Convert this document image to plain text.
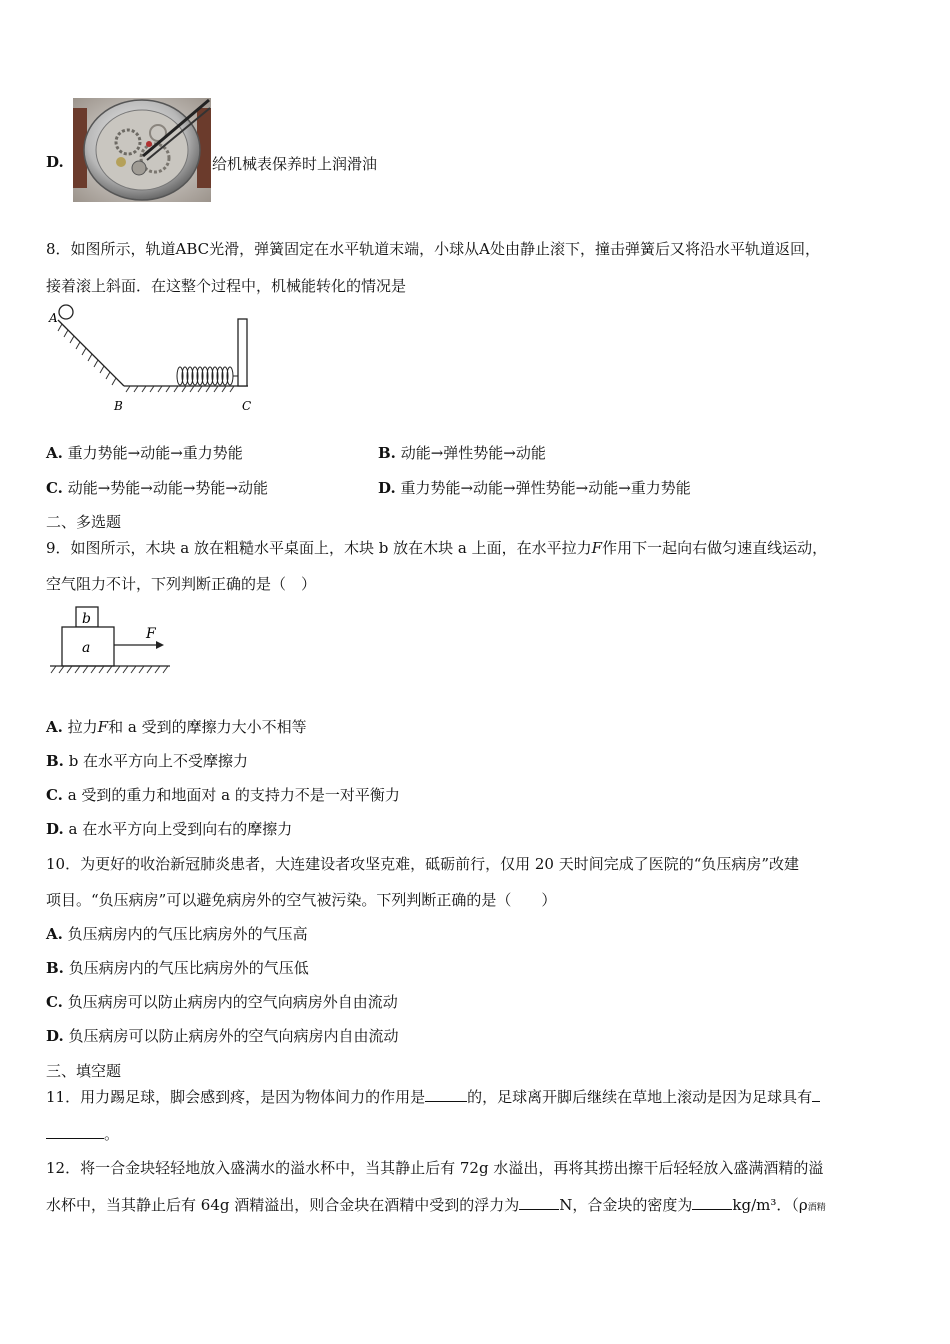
D.	给机械表保养时上润滑油
8．如图所示，轨道ABC光滑，弹簧固定在水平轨道末端，小球从A处由静止滚下，撞击弹簧后又将沿水平轨道返回，
接着滚上斜面．在这整个过程中，机械能转化的情况是
A
B	C
A. 重力势能→动能→重力势能	B. 动能→弹性势能→动能
C. 动能→势能→动能→势能→动能	D. 重力势能→动能→弹性势能→动能→重力势能
二、多选题
9．如图所示，木块 a 放在粗糙水平桌面上，木块 b 放在木块 a 上面，在水平拉力F作用下一起向右做匀速直线运动，
空气阻力不计，下列判断正确的是（　）
b
a
F
A. 拉力F和 a 受到的摩擦力大小不相等
B. b 在水平方向上不受摩擦力
C. a 受到的重力和地面对 a 的支持力不是一对平衡力
D. a 在水平方向上受到向右的摩擦力
10．为更好的收治新冠肺炎患者，大连建设者攻坚克难，砥砺前行，仅用 20 天时间完成了医院的“负压病房”改建
项目。“负压病房”可以避免病房外的空气被污染。下列判断正确的是（　　）
A. 负压病房内的气压比病房外的气压高
B. 负压病房内的气压比病房外的气压低
C. 负压病房可以防止病房内的空气向病房外自由流动
D. 负压病房可以防止病房外的空气向病房内自由流动
三、填空题
11．用力踢足球，脚会感到疼，是因为物体间力的作用是	的，足球离开脚后继续在草地上滚动是因为足球具有
。
12．将一合金块轻轻地放入盛满水的溢水杯中，当其静止后有 72g 水溢出，再将其捞出擦干后轻轻放入盛满酒精的溢
水杯中，当其静止后有 64g 酒精溢出，则合金块在酒精中受到的浮力为	N，合金块的密度为	kg/m³．（ρ酒精
